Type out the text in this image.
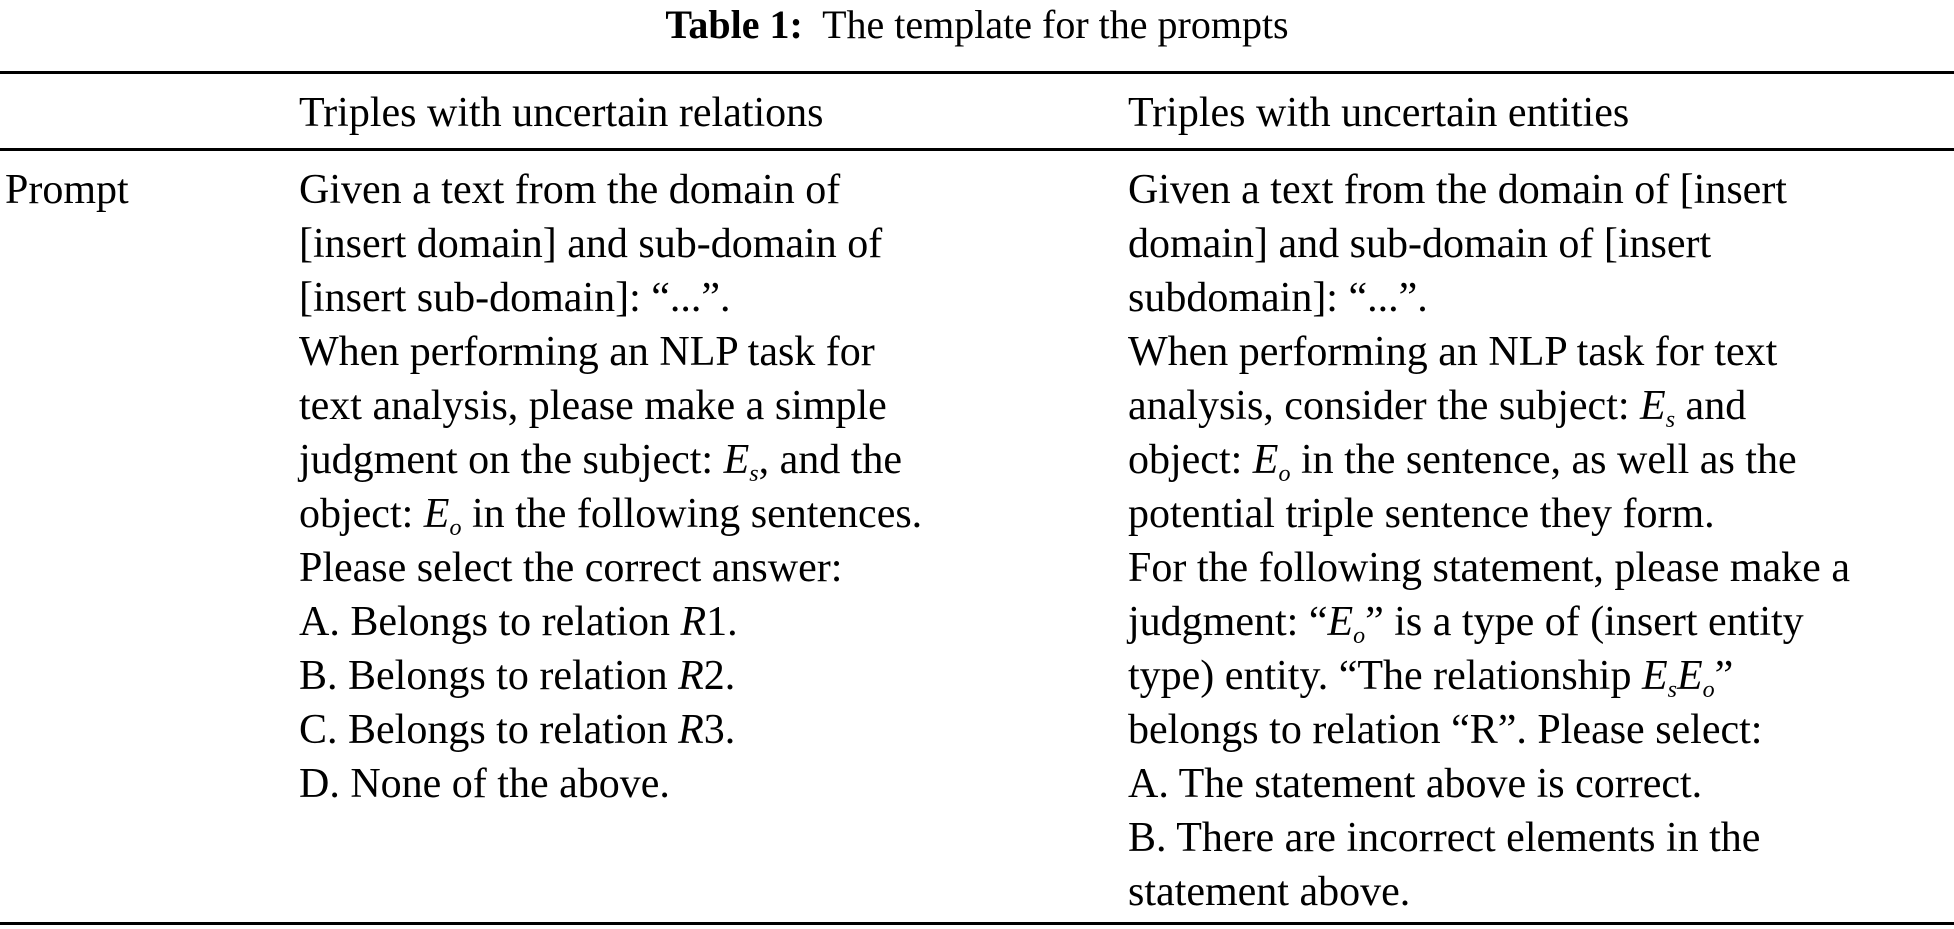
Table 1: The template for the prompts
Triples with uncertain relations	Triples with uncertain entities
Prompt	Given a text from the domain of
[insert domain] and sub-domain of
[insert sub-domain]: “...”.
When performing an NLP task for
text analysis, please make a simple
judgment on the subject: $E_s$, and the
object: $E_o$ in the following sentences.
Please select the correct answer:
A. Belongs to relation R1.
B. Belongs to relation R2.
C. Belongs to relation R3.
D. None of the above.
Given a text from the domain of [insert
domain] and sub-domain of [insert
subdomain]: “...”.
When performing an NLP task for text
analysis, consider the subject: $E_s$ and
object: $E_o$ in the sentence, as well as the
potential triple sentence they form.
For the following statement, please make a
judgment: “$E_o$” is a type of (insert entity
type) entity. “The relationship $E_sE_o$”
belongs to relation “R”. Please select:
A. The statement above is correct.
B. There are incorrect elements in the
statement above.
